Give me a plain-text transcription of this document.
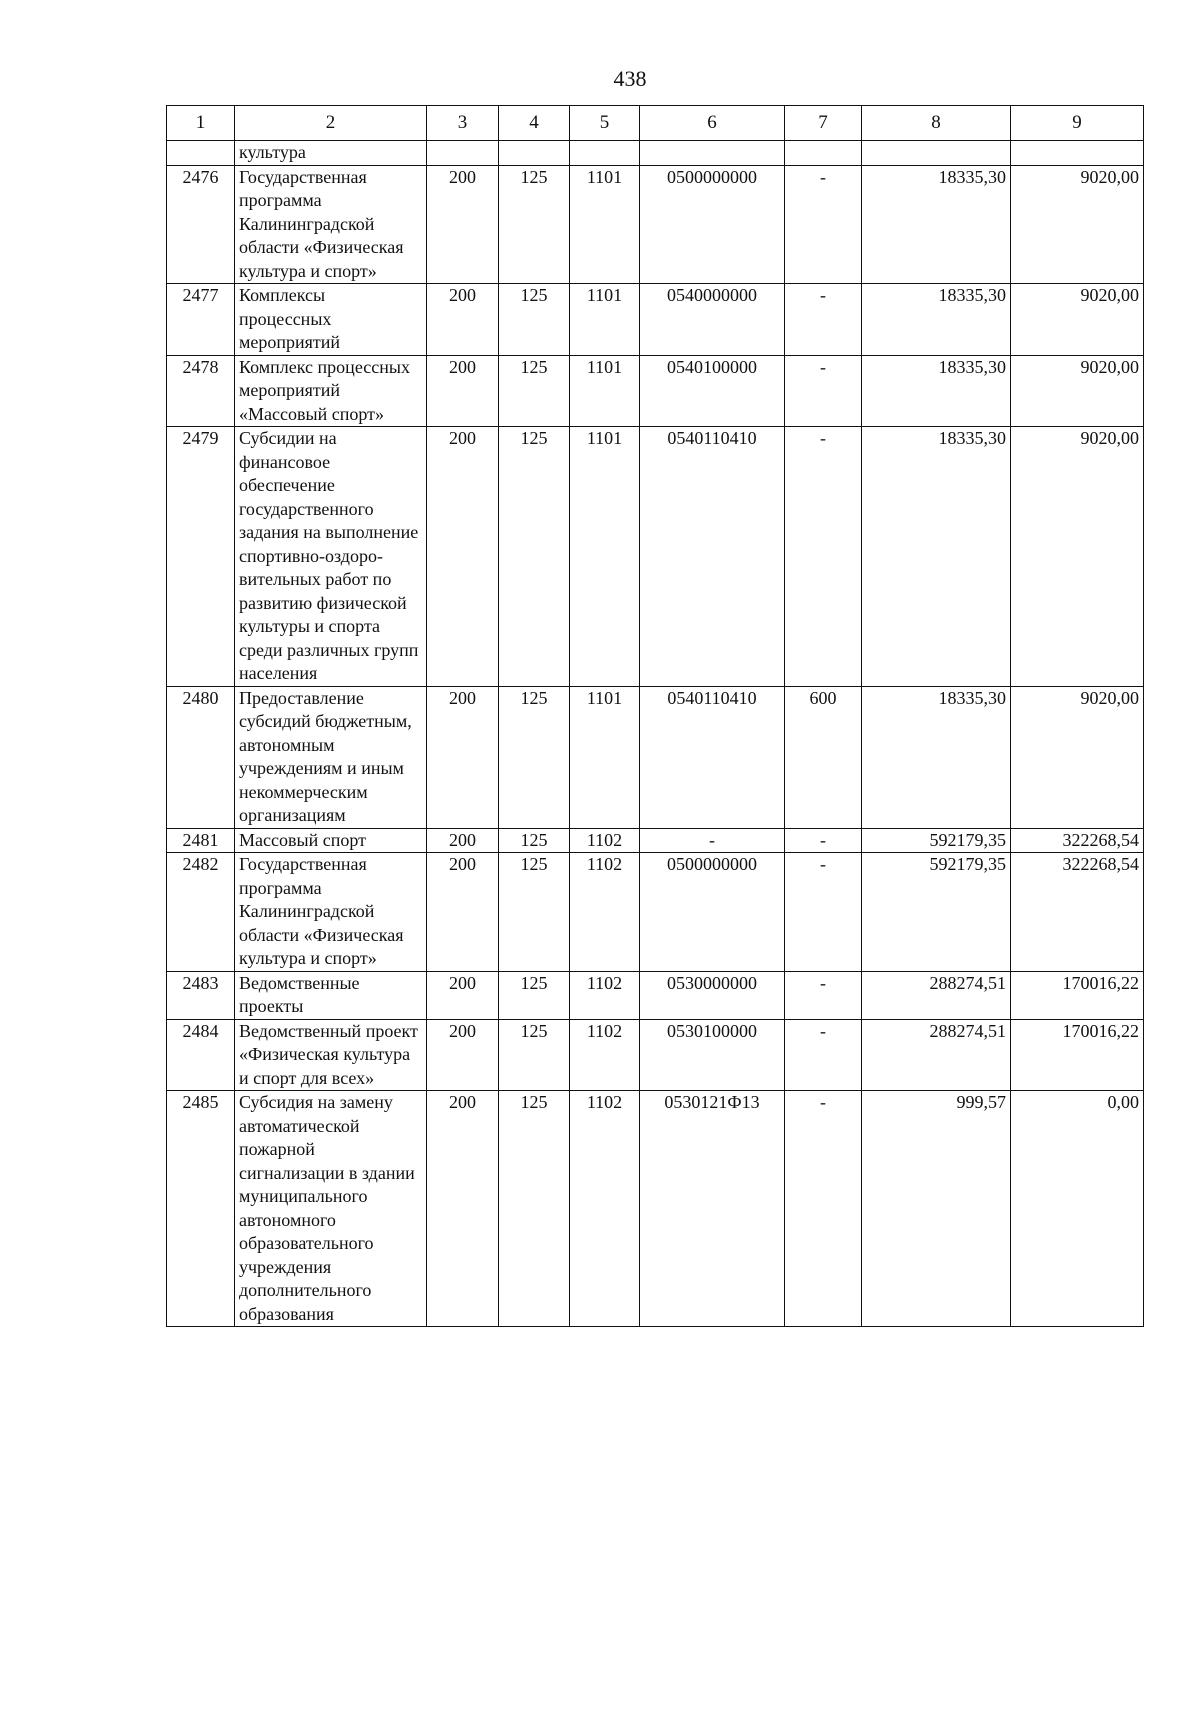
438
1	2	3	4	5	6	7	8	9
	культура							
2476	Государственная программа Калининградской области «Физическая культура и спорт»	200	125	1101	0500000000	-	18335,30	9020,00
2477	Комплексы процессных мероприятий	200	125	1101	0540000000	-	18335,30	9020,00
2478	Комплекс процессных мероприятий «Массовый спорт»	200	125	1101	0540100000	-	18335,30	9020,00
2479	Субсидии на финансовое обеспечение государственного задания на выполнение спортивно-оздоро-вительных работ по развитию физической культуры и спорта среди различных групп населения	200	125	1101	0540110410	-	18335,30	9020,00
2480	Предоставление субсидий бюджетным, автономным учреждениям и иным некоммерческим организациям	200	125	1101	0540110410	600	18335,30	9020,00
2481	Массовый спорт	200	125	1102	-	-	592179,35	322268,54
2482	Государственная программа Калининградской области «Физическая культура и спорт»	200	125	1102	0500000000	-	592179,35	322268,54
2483	Ведомственные проекты	200	125	1102	0530000000	-	288274,51	170016,22
2484	Ведомственный проект «Физическая культура и спорт для всех»	200	125	1102	0530100000	-	288274,51	170016,22
2485	Субсидия на замену автоматической пожарной сигнализации в здании муниципального автономного образовательного учреждения дополнительного образования	200	125	1102	0530121Ф13	-	999,57	0,00
